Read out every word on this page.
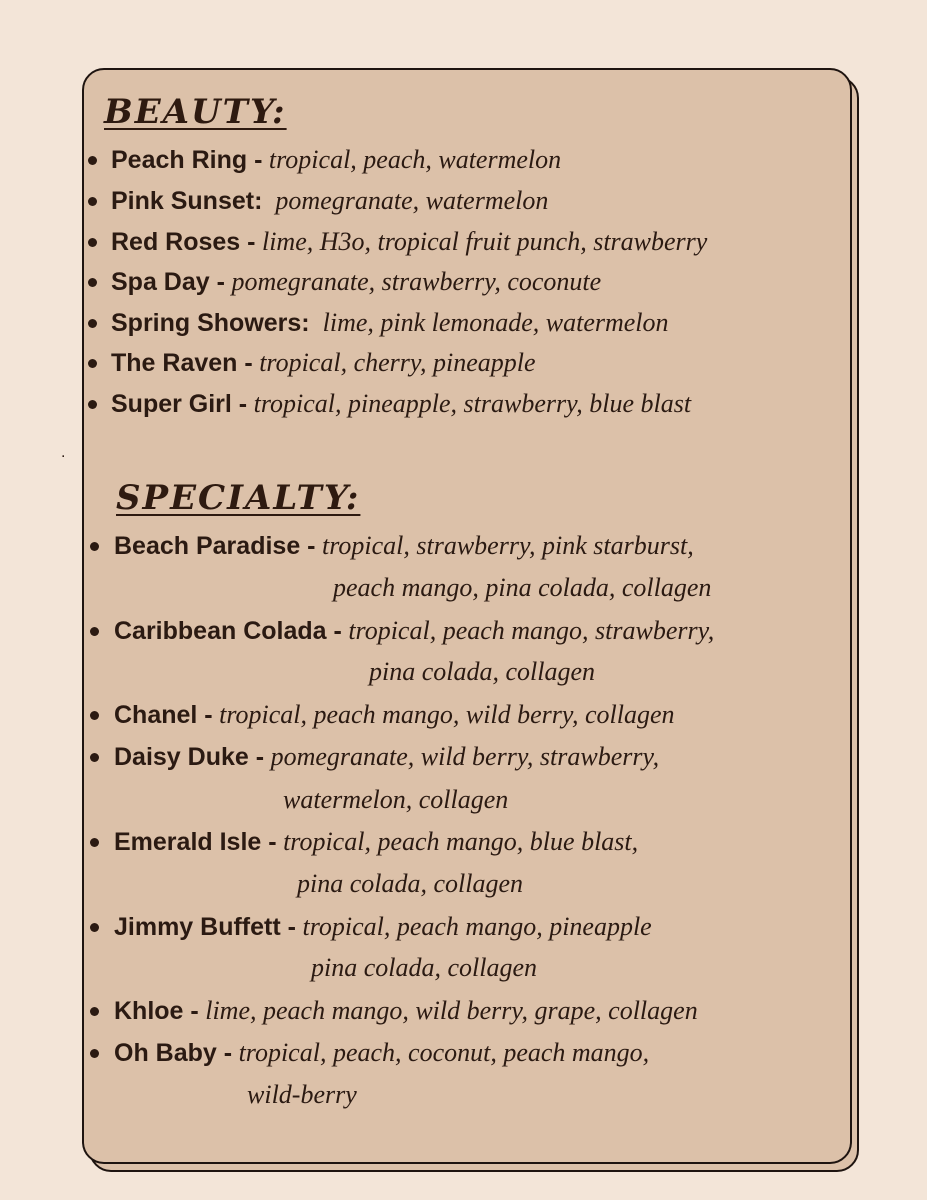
BEAUTY:
Peach Ring - tropical, peach, watermelon
Pink Sunset:  pomegranate, watermelon
Red Roses - lime, H3o, tropical fruit punch, strawberry
Spa Day - pomegranate, strawberry, coconute
Spring Showers:  lime, pink lemonade, watermelon
The Raven - tropical, cherry, pineapple
Super Girl - tropical, pineapple, strawberry, blue blast
.
SPECIALTY:
Beach Paradise - tropical, strawberry, pink starburst,
peach mango, pina colada, collagen
Caribbean Colada - tropical, peach mango, strawberry,
pina colada, collagen
Chanel - tropical, peach mango, wild berry, collagen
Daisy Duke - pomegranate, wild berry, strawberry,
watermelon, collagen
Emerald Isle - tropical, peach mango, blue blast,
pina colada, collagen
Jimmy Buffett - tropical, peach mango, pineapple
pina colada, collagen
Khloe - lime, peach mango, wild berry, grape, collagen
Oh Baby - tropical, peach, coconut, peach mango,
wild-berry
